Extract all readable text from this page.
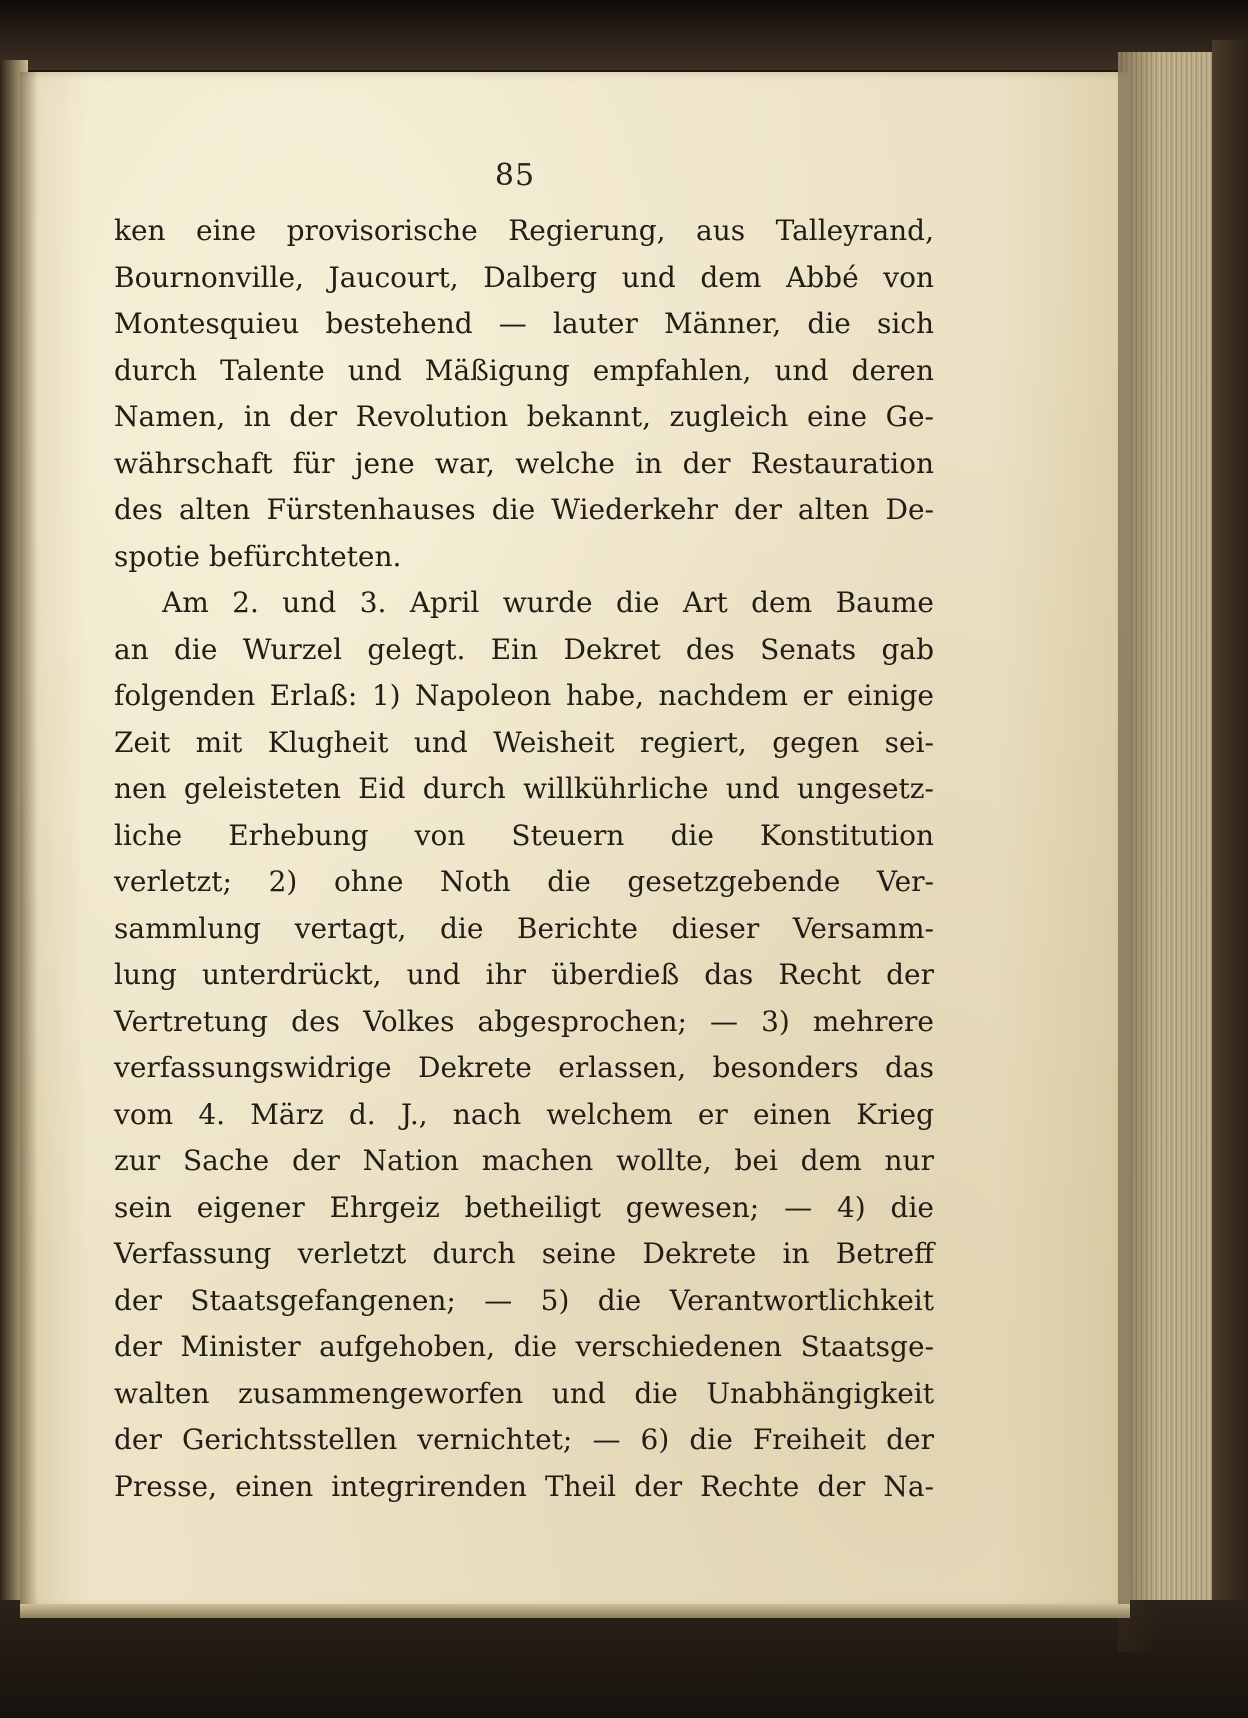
85
ken eine provisorische Regierung, aus Talleyrand,
Bournonville, Jaucourt, Dalberg und dem Abbé von
Montesquieu bestehend — lauter Männer, die sich
durch Talente und Mäßigung empfahlen, und deren
Namen, in der Revolution bekannt, zugleich eine Ge-
währschaft für jene war, welche in der Restauration
des alten Fürstenhauses die Wiederkehr der alten De-
spotie befürchteten.
Am 2. und 3. April wurde die Art dem Baume
an die Wurzel gelegt. Ein Dekret des Senats gab
folgenden Erlaß: 1) Napoleon habe, nachdem er einige
Zeit mit Klugheit und Weisheit regiert, gegen sei-
nen geleisteten Eid durch willkührliche und ungesetz-
liche Erhebung von Steuern die Konstitution
verletzt; 2) ohne Noth die gesetzgebende Ver-
sammlung vertagt, die Berichte dieser Versamm-
lung unterdrückt, und ihr überdieß das Recht der
Vertretung des Volkes abgesprochen; — 3) mehrere
verfassungswidrige Dekrete erlassen, besonders das
vom 4. März d. J., nach welchem er einen Krieg
zur Sache der Nation machen wollte, bei dem nur
sein eigener Ehrgeiz betheiligt gewesen; — 4) die
Verfassung verletzt durch seine Dekrete in Betreff
der Staatsgefangenen; — 5) die Verantwortlichkeit
der Minister aufgehoben, die verschiedenen Staatsge-
walten zusammengeworfen und die Unabhängigkeit
der Gerichtsstellen vernichtet; — 6) die Freiheit der
Presse, einen integrirenden Theil der Rechte der Na-
